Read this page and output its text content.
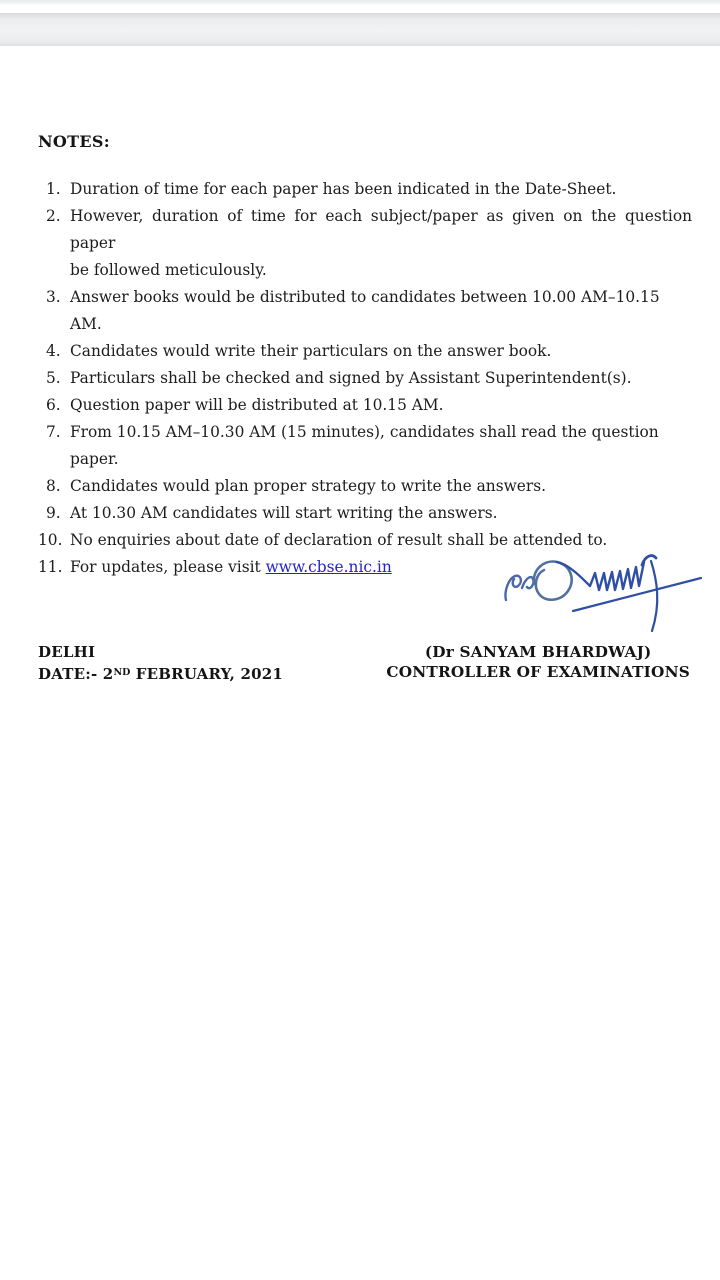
NOTES:
1. Duration of time for each paper has been indicated in the Date-Sheet.
2. However, duration of time for each subject/paper as given on the question paper
be followed meticulously.
3. Answer books would be distributed to candidates between 10.00 AM–10.15 AM.
4. Candidates would write their particulars on the answer book.
5. Particulars shall be checked and signed by Assistant Superintendent(s).
6. Question paper will be distributed at 10.15 AM.
7. From 10.15 AM–10.30 AM (15 minutes), candidates shall read the question paper.
8. Candidates would plan proper strategy to write the answers.
9. At 10.30 AM candidates will start writing the answers.
10. No enquiries about date of declaration of result shall be attended to.
11. For updates, please visit www.cbse.nic.in
DELHI
DATE:- 2ND FEBRUARY, 2021
(Dr SANYAM BHARDWAJ)
CONTROLLER OF EXAMINATIONS
